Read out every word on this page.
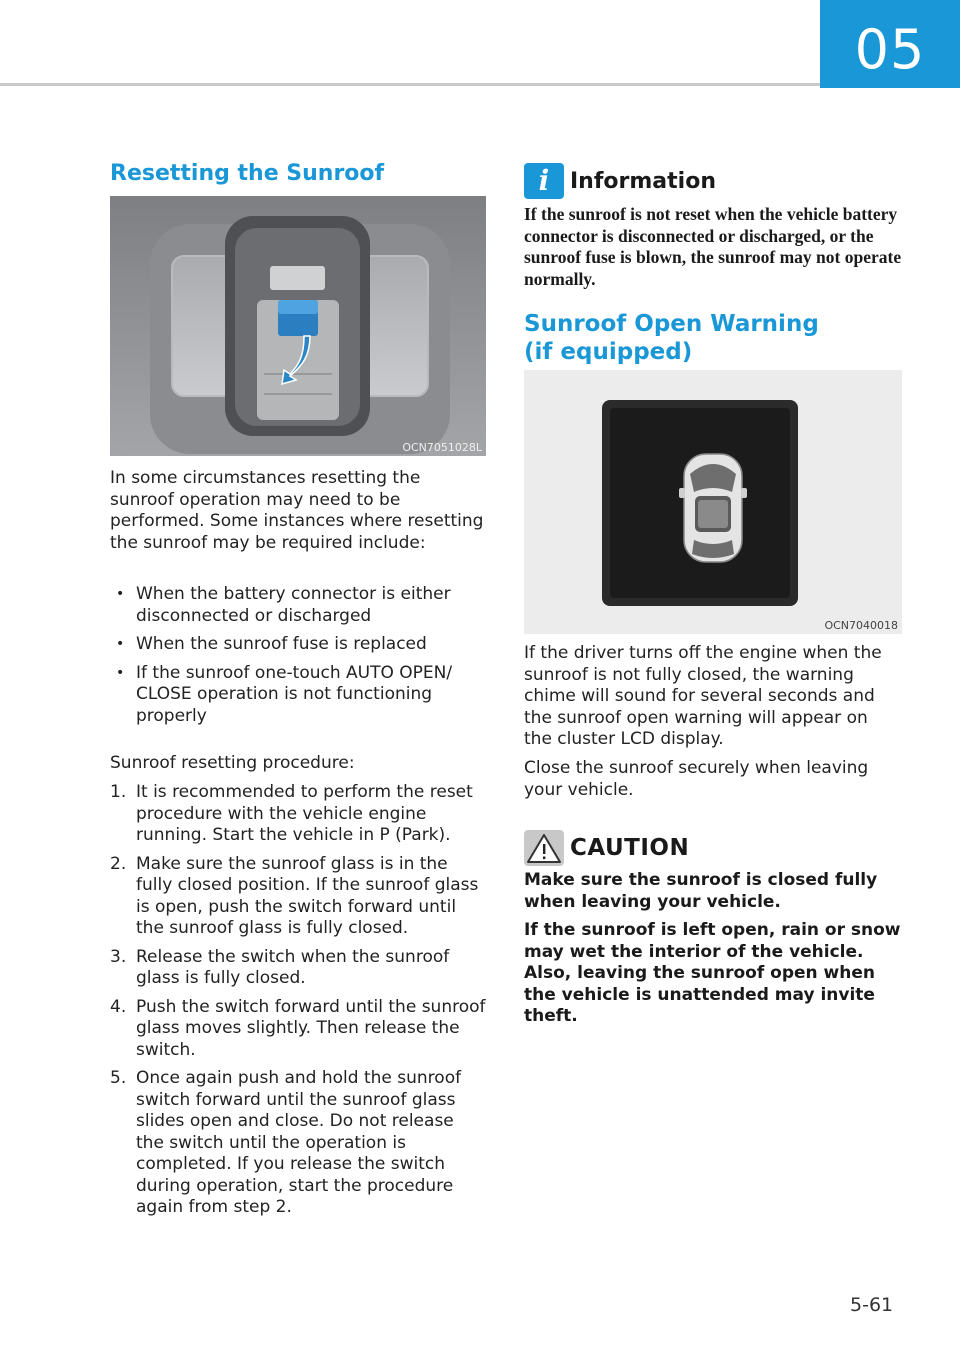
05
Resetting the Sunroof
OCN7051028L

In some circumstances resetting the sunroof operation may need to be performed. Some instances where resetting the sunroof may be required include:

• When the battery connector is either disconnected or discharged
• When the sunroof fuse is replaced
• If the sunroof one-touch AUTO OPEN/ CLOSE operation is not functioning properly

Sunroof resetting procedure:

1. It is recommended to perform the reset procedure with the vehicle engine running. Start the vehicle in P (Park).
2. Make sure the sunroof glass is in the fully closed position. If the sunroof glass is open, push the switch forward until the sunroof glass is fully closed.
3. Release the switch when the sunroof glass is fully closed.
4. Push the switch forward until the sunroof glass moves slightly. Then release the switch.
5. Once again push and hold the sunroof switch forward until the sunroof glass slides open and close. Do not release the switch until the operation is completed. If you release the switch during operation, start the procedure again from step 2.
i Information

If the sunroof is not reset when the vehicle battery connector is disconnected or discharged, or the sunroof fuse is blown, the sunroof may not operate normally.

Sunroof Open Warning
(if equipped)
OCN7040018

If the driver turns off the engine when the sunroof is not fully closed, the warning chime will sound for several seconds and the sunroof open warning will appear on the cluster LCD display.

Close the sunroof securely when leaving your vehicle.

CAUTION

Make sure the sunroof is closed fully when leaving your vehicle.

If the sunroof is left open, rain or snow may wet the interior of the vehicle. Also, leaving the sunroof open when the vehicle is unattended may invite theft.

5-61
